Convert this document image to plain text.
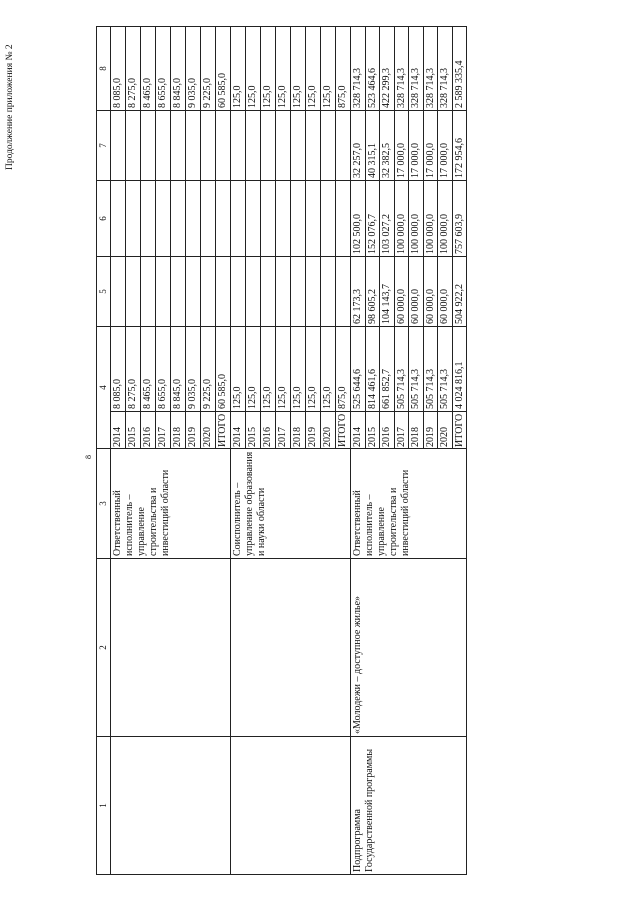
Продолжение приложения № 2
8
1	2	3	4		5	6	7	8
		Ответственный исполнитель – управление строительства и инвестиций области	2014	8 085,0				8 085,0
			2015	8 275,0				8 275,0
			2016	8 465,0				8 465,0
			2017	8 655,0				8 655,0
			2018	8 845,0				8 845,0
			2019	9 035,0				9 035,0
			2020	9 225,0				9 225,0
			ИТОГО	60 585,0				60 585,0
		Соисполнитель – управление образования и науки области	2014	125,0				125,0
			2015	125,0				125,0
			2016	125,0				125,0
			2017	125,0				125,0
			2018	125,0				125,0
			2019	125,0				125,0
			2020	125,0				125,0
			ИТОГО	875,0				875,0
Подпрограмма Государственной программы	«Молодежи – доступное жилье»	Ответственный исполнитель – управление строительства и инвестиций области	2014	525 644,6	62 173,3	102 500,0	32 257,0	328 714,3
			2015	814 461,6	98 605,2	152 076,7	40 315,1	523 464,6
			2016	661 852,7	104 143,7	103 027,2	32 382,5	422 299,3
			2017	505 714,3	60 000,0	100 000,0	17 000,0	328 714,3
			2018	505 714,3	60 000,0	100 000,0	17 000,0	328 714,3
			2019	505 714,3	60 000,0	100 000,0	17 000,0	328 714,3
			2020	505 714,3	60 000,0	100 000,0	17 000,0	328 714,3
			ИТОГО	4 024 816,1	504 922,2	757 603,9	172 954,6	2 589 335,4
